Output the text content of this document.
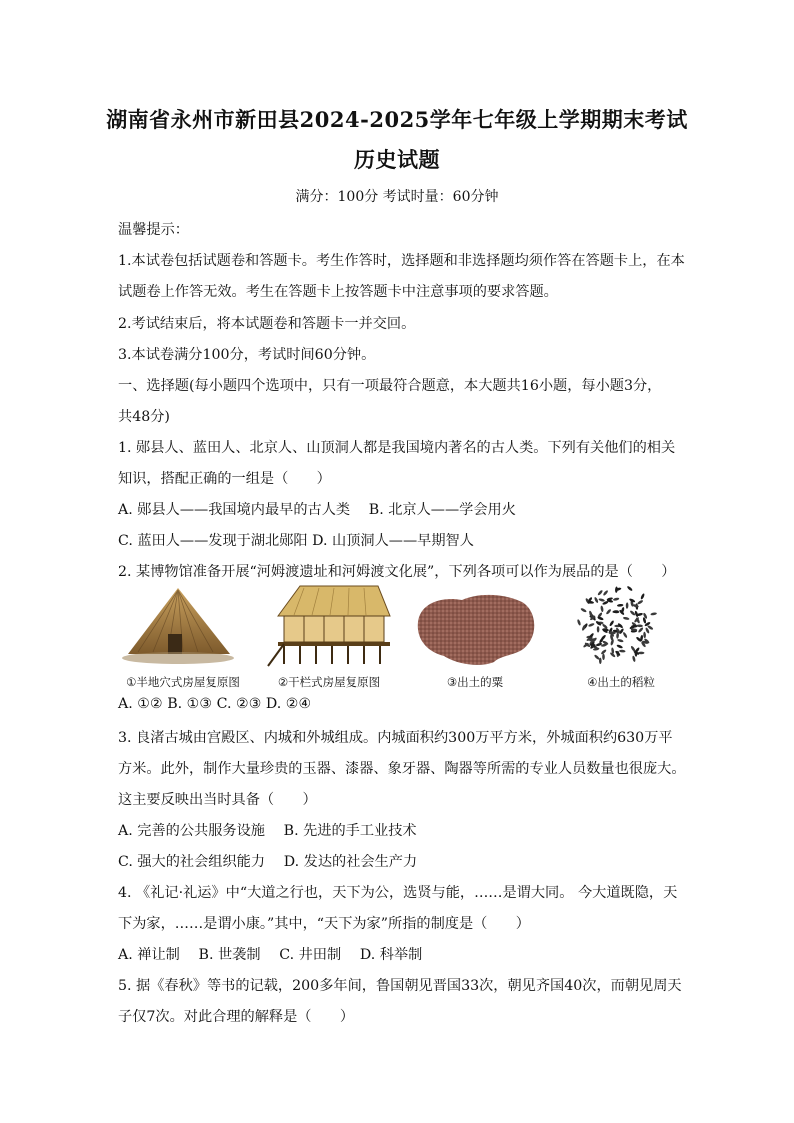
湖南省永州市新田县2024-2025学年七年级上学期期末考试
历史试题
满分：100分 考试时量：60分钟
温馨提示：
1.本试卷包括试题卷和答题卡。考生作答时，选择题和非选择题均须作答在答题卡上，在本
试题卷上作答无效。考生在答题卡上按答题卡中注意事项的要求答题。
2.考试结束后，将本试题卷和答题卡一并交回。
3.本试卷满分100分，考试时间60分钟。
一、选择题(每小题四个选项中，只有一项最符合题意，本大题共16小题，每小题3分，
共48分)
1. 郧县人、蓝田人、北京人、山顶洞人都是我国境内著名的古人类。下列有关他们的相关
知识，搭配正确的一组是（　　）
A. 郧县人——我国境内最早的古人类　 B. 北京人——学会用火
C. 蓝田人——发现于湖北郧阳 D. 山顶洞人——早期智人
2. 某博物馆准备开展“河姆渡遗址和河姆渡文化展”，下列各项可以作为展品的是（　　）
①半地穴式房屋复原图	②干栏式房屋复原图	③出土的粟	④出土的稻粒
A. ①② B. ①③ C. ②③ D. ②④
3. 良渚古城由宫殿区、内城和外城组成。内城面积约300万平方米，外城面积约630万平
方米。此外，制作大量珍贵的玉器、漆器、象牙器、陶器等所需的专业人员数量也很庞大。
这主要反映出当时具备（　　）
A. 完善的公共服务设施　 B. 先进的手工业技术
C. 强大的社会组织能力　 D. 发达的社会生产力
4. 《礼记·礼运》中“大道之行也，天下为公，选贤与能，……是谓大同。 今大道既隐，天
下为家，……是谓小康。”其中，“天下为家”所指的制度是（　　）
A. 禅让制　 B. 世袭制　 C. 井田制　 D. 科举制
5. 据《春秋》等书的记载，200多年间，鲁国朝见晋国33次，朝见齐国40次，而朝见周天
子仅7次。对此合理的解释是（　　）
